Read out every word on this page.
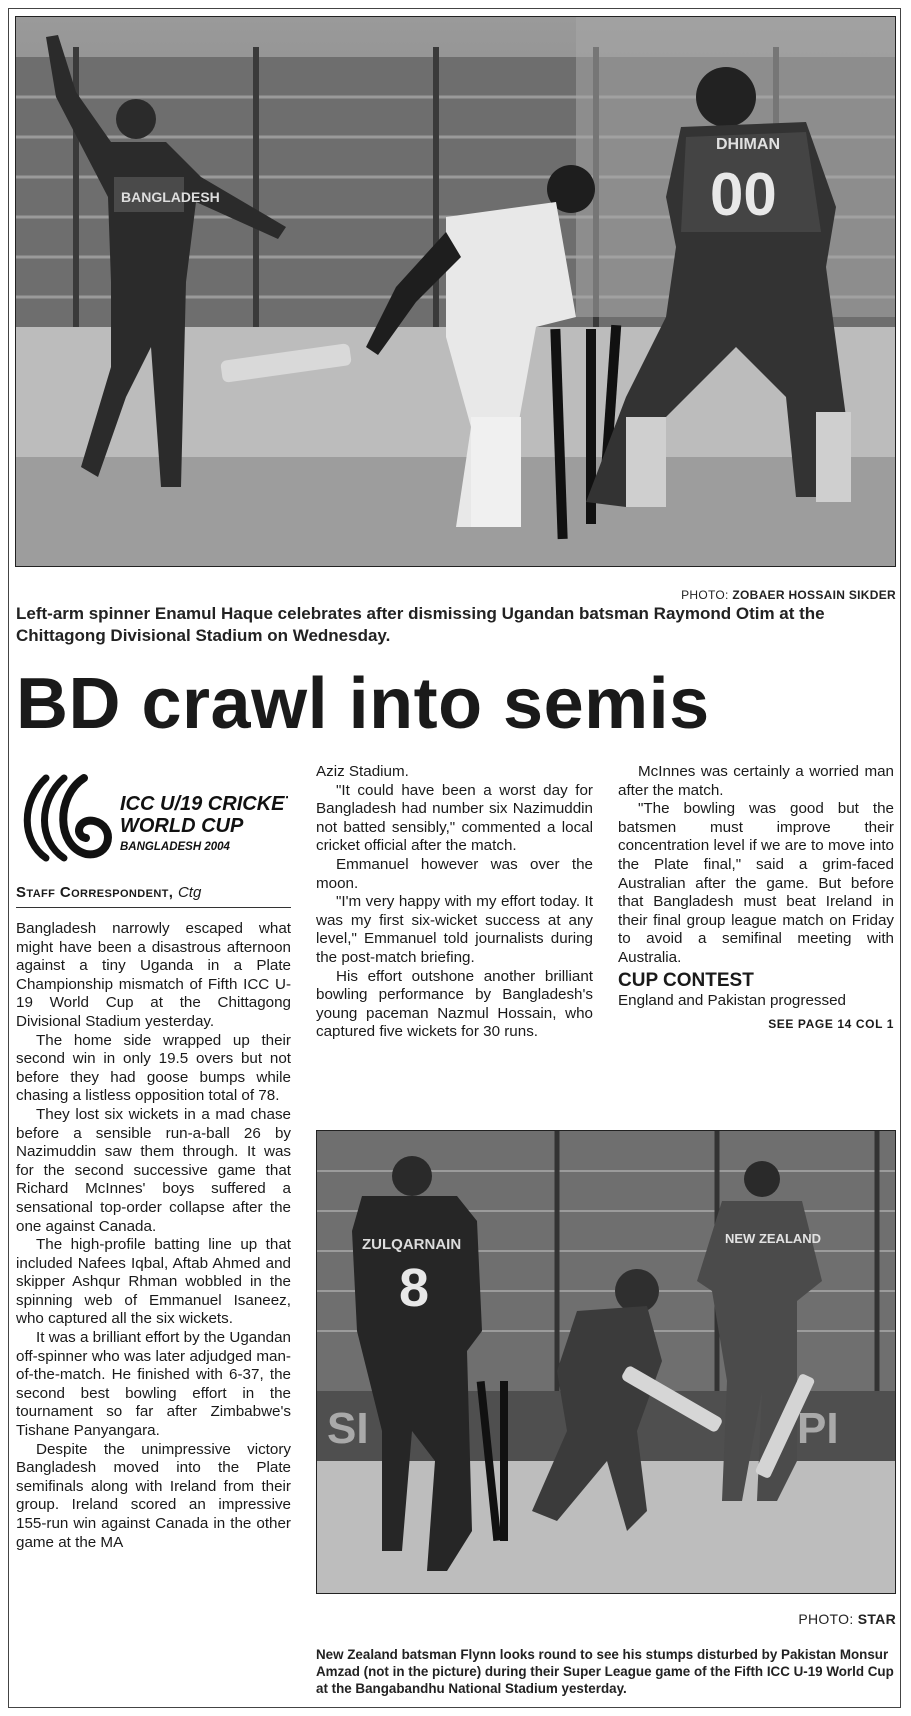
BANGLADESH	00
DHIMAN
PHOTO: ZOBAER HOSSAIN SIKDER
Left-arm spinner Enamul Haque celebrates after dismissing Ugandan batsman Raymond Otim at the Chittagong Divisional Stadium on Wednesday.
BD crawl into semis
ICC U/19 CRICKET
WORLD CUP
BANGLADESH 2004
Staff Correspondent, Ctg

Bangladesh narrowly escaped what might have been a disastrous afternoon against a tiny Uganda in a Plate Championship mismatch of Fifth ICC U-19 World Cup at the Chittagong Divisional Stadium yesterday.

The home side wrapped up their second win in only 19.5 overs but not before they had goose bumps while chasing a listless opposition total of 78.

They lost six wickets in a mad chase before a sensible run-a-ball 26 by Nazimuddin saw them through. It was for the second successive game that Richard McInnes' boys suffered a sensational top-order collapse after the one against Canada.

The high-profile batting line up that included Nafees Iqbal, Aftab Ahmed and skipper Ashqur Rhman wobbled in the spinning web of Emmanuel Isaneez, who captured all the six wickets.

It was a brilliant effort by the Ugandan off-spinner who was later adjudged man-of-the-match. He finished with 6-37, the second best bowling effort in the tournament so far after Zimbabwe's Tishane Panyangara.

Despite the unimpressive victory Bangladesh moved into the Plate semifinals along with Ireland from their group. Ireland scored an impressive 155-run win against Canada in the other game at the MA

Aziz Stadium.

"It could have been a worst day for Bangladesh had number six Nazimuddin not batted sensibly," commented a local cricket official after the match.

Emmanuel however was over the moon.

"I'm very happy with my effort today. It was my first six-wicket success at any level," Emmanuel told journalists during the post-match briefing.

His effort outshone another brilliant bowling performance by Bangladesh's young paceman Nazmul Hossain, who captured five wickets for 30 runs.

McInnes was certainly a worried man after the match.

"The bowling was good but the batsmen must improve their concentration level if we are to move into the Plate final," said a grim-faced Australian after the game. But before that Bangladesh must beat Ireland in their final group league match on Friday to avoid a semifinal meeting with Australia.

CUP CONTEST

England and Pakistan progressed

SEE PAGE 14 COL 1
SI	PI
ZULQARNAIN
8
NEW ZEALAND
PHOTO: STAR
New Zealand batsman Flynn looks round to see his stumps disturbed by Pakistan Monsur Amzad (not in the picture) during their Super League game of the Fifth ICC U-19 World Cup at the Bangabandhu National Stadium yesterday.
